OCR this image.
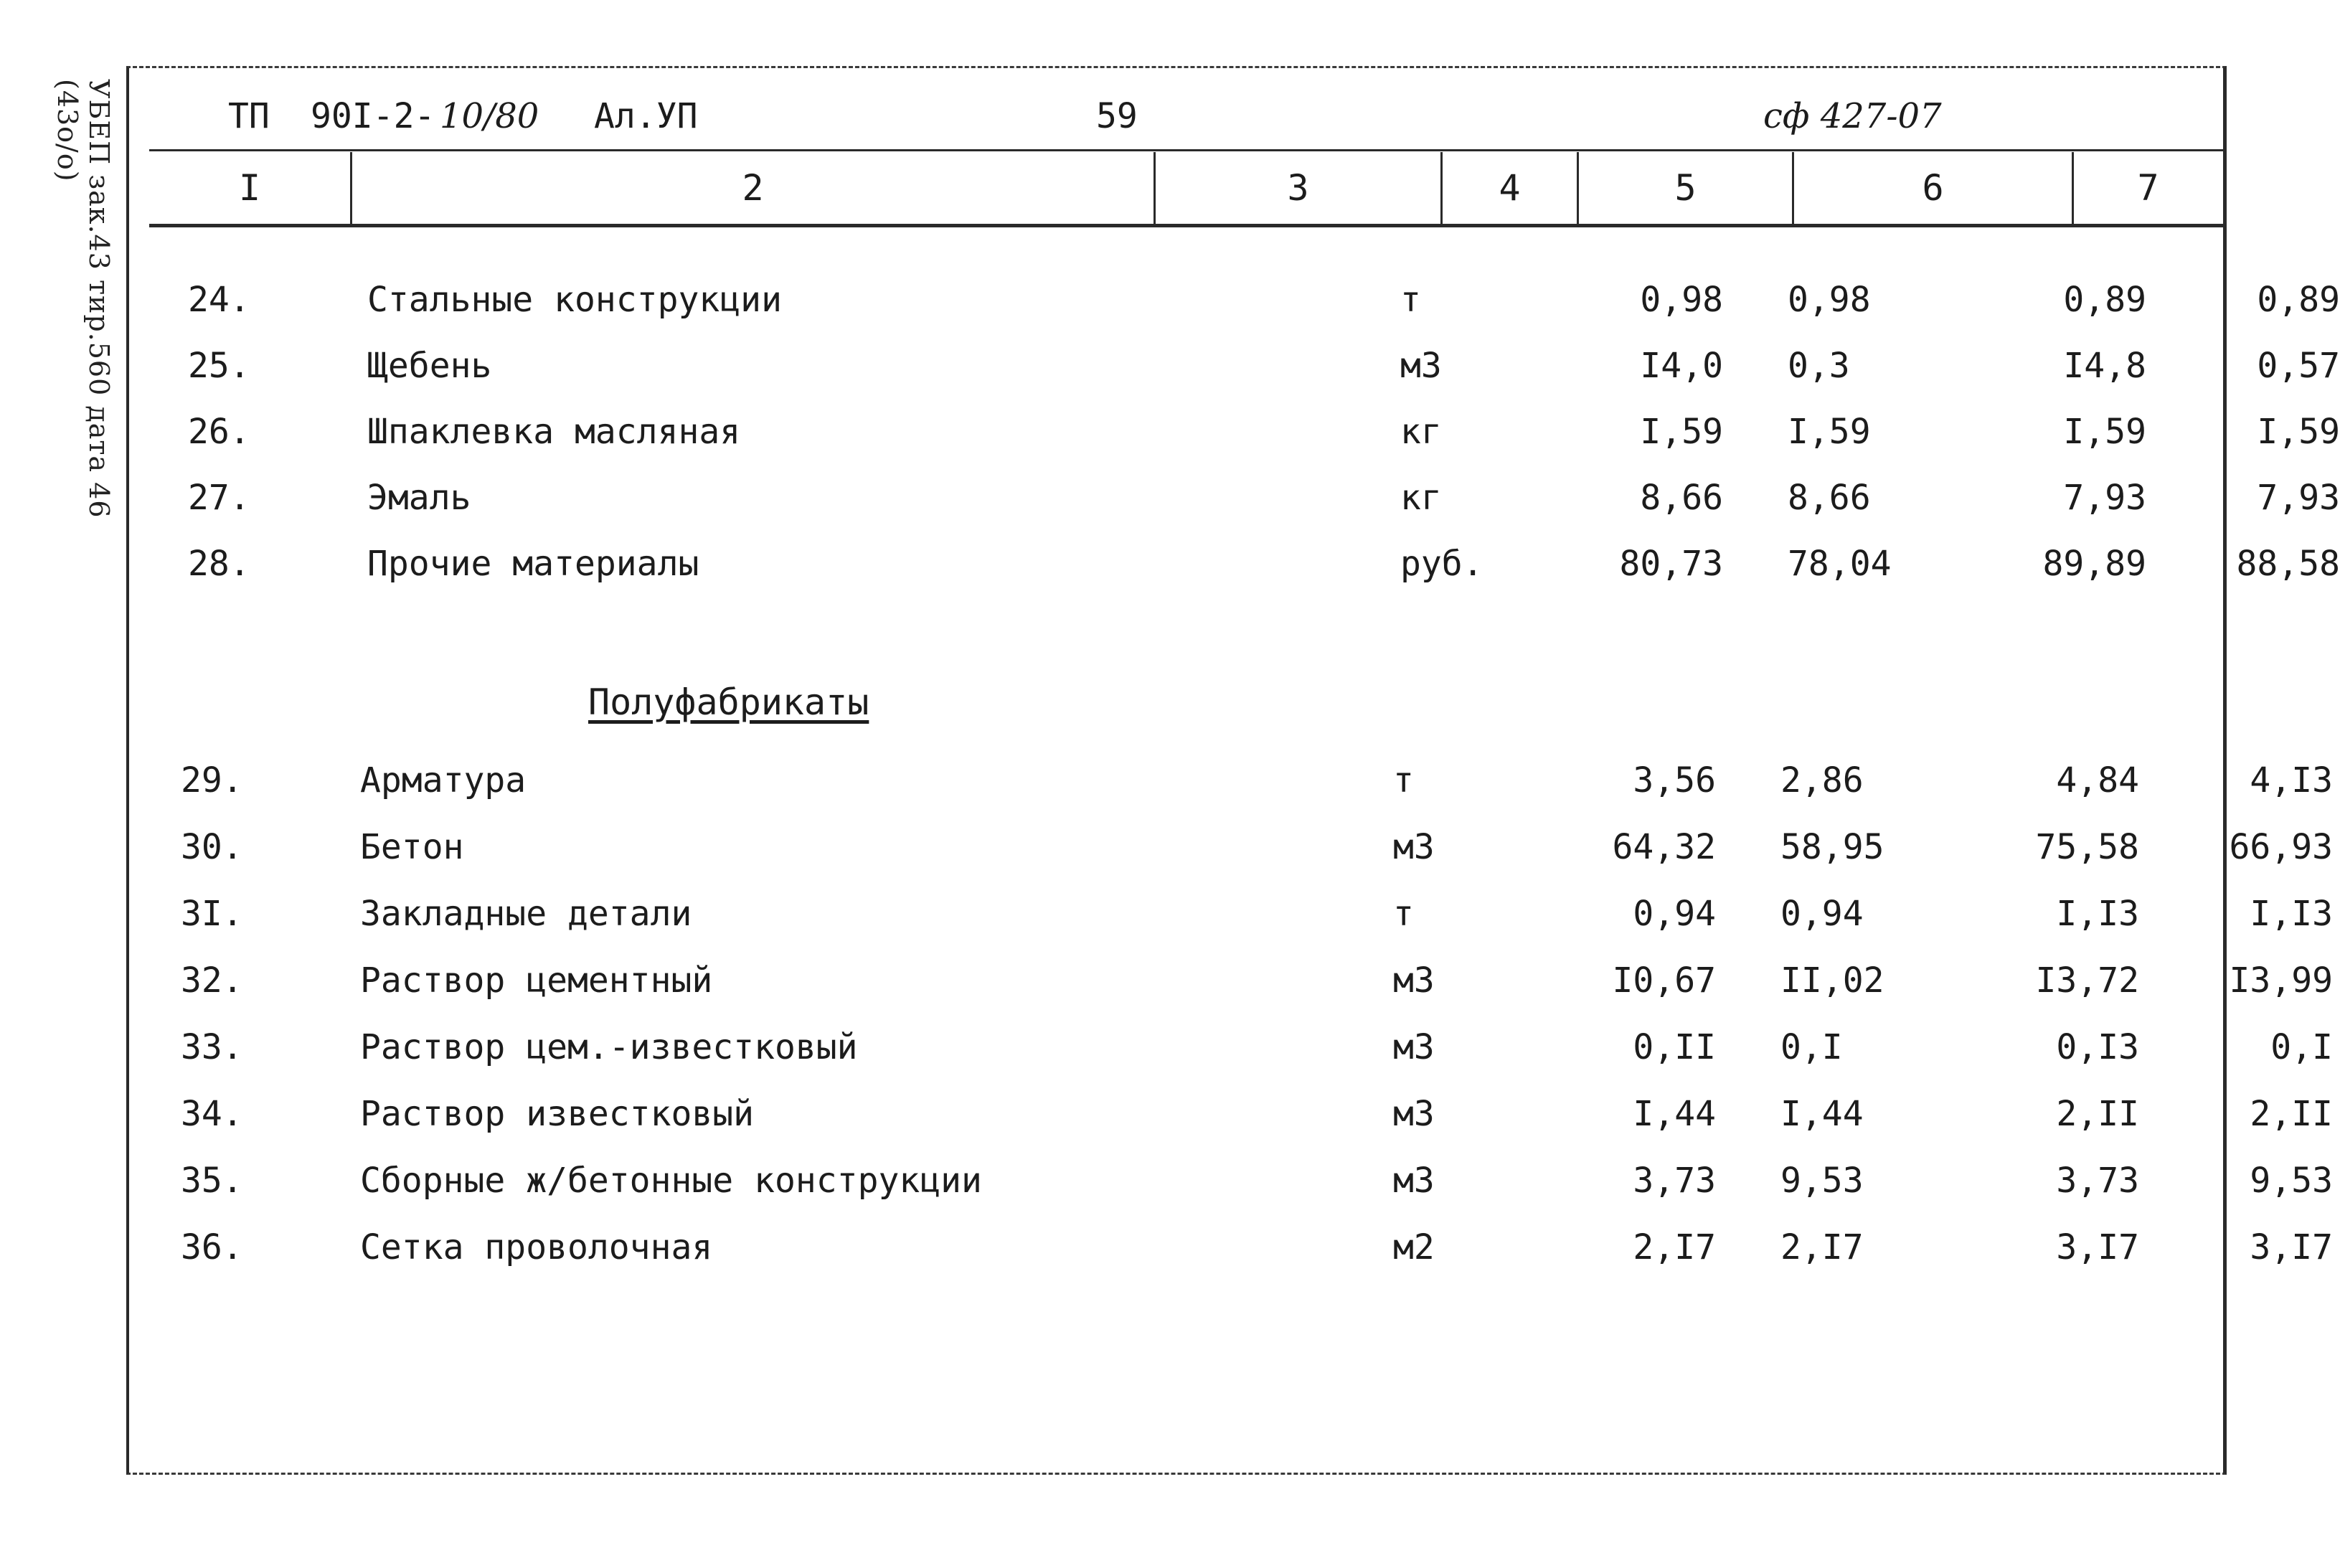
УБЕП зак.43 тир.560 дата 46 (43о/о)	ТП 90I-2- 10/80 Ал.УП	59	сф 427-07
I	2	3	4	5	6	7
24.	Стальные конструкции	т	0,98 0,98	0,89	0,89
25.	Щебень	м3	I4,0 0,3	I4,8	0,57
26.	Шпаклевка масляная	кг	I,59 I,59	I,59	I,59
27.	Эмаль	кг	8,66 8,66	7,93	7,93
28.	Прочие материалы	руб.	80,73 78,04	89,89	88,58
Полуфабрикаты
29.	Арматура	т	3,56 2,86	4,84	4,I3
30.	Бетон	м3	64,32 58,95	75,58	66,93
3I.	Закладные детали	т	0,94 0,94	I,I3	I,I3
32.	Раствор цементный	м3	I0,67 II,02	I3,72	I3,99
33.	Раствор цем.-известковый	м3	0,II 0,I	0,I3	0,I
34.	Раствор известковый	м3	I,44 I,44	2,II	2,II
35.	Сборные ж/бетонные конструкции	м3	3,73 9,53	3,73	9,53
36.	Сетка проволочная	м2	2,I7 2,I7	3,I7	3,I7
